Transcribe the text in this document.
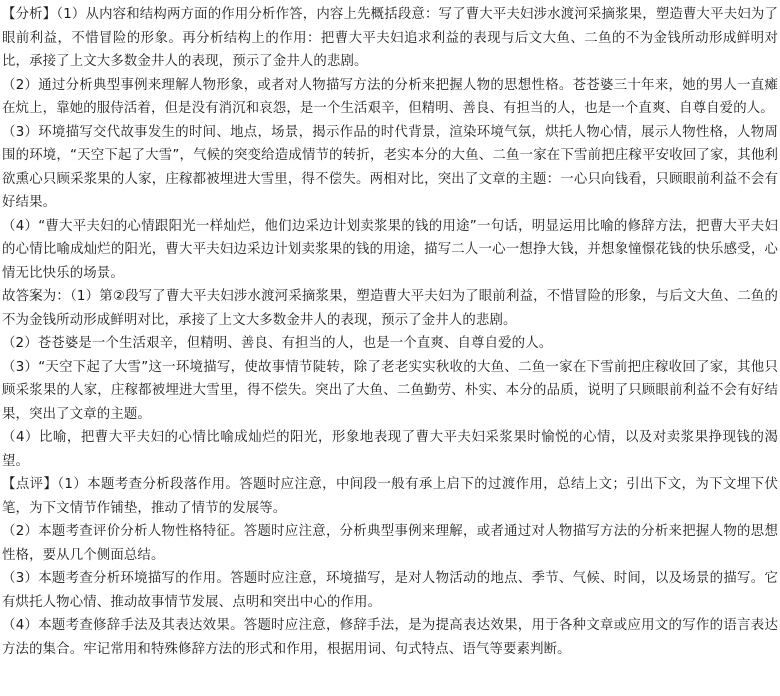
【分析】（1）从内容和结构两方面的作用分析作答，内容上先概括段意：写了曹大平夫妇涉水渡河采摘浆果，塑造曹大平夫妇为了眼前利益，不惜冒险的形象。再分析结构上的作用：把曹大平夫妇追求利益的表现与后文大鱼、二鱼的不为金钱所动形成鲜明对比，承接了上文大多数金井人的表现，预示了金井人的悲剧。

（2）通过分析典型事例来理解人物形象，或者对人物描写方法的分析来把握人物的思想性格。苍苍婆三十年来，她的男人一直瘫在炕上，靠她的服侍活着，但是没有消沉和哀怨，是一个生活艰辛，但精明、善良、有担当的人，也是一个直爽、自尊自爱的人。

（3）环境描写交代故事发生的时间、地点，场景，揭示作品的时代背景，渲染环境气氛，烘托人物心情，展示人物性格，人物周围的环境，“天空下起了大雪”，气候的突变给造成情节的转折，老实本分的大鱼、二鱼一家在下雪前把庄稼平安收回了家，其他利欲熏心只顾采浆果的人家，庄稼都被埋进大雪里，得不偿失。两相对比，突出了文章的主题：一心只向钱看，只顾眼前利益不会有好结果。

（4）“曹大平夫妇的心情跟阳光一样灿烂，他们边采边计划卖浆果的钱的用途”一句话，明显运用比喻的修辞方法，把曹大平夫妇的心情比喻成灿烂的阳光，曹大平夫妇边采边计划卖浆果的钱的用途，描写二人一心一想挣大钱，并想象憧憬花钱的快乐感受，心情无比快乐的场景。

故答案为：（1）第②段写了曹大平夫妇涉水渡河采摘浆果，塑造曹大平夫妇为了眼前利益，不惜冒险的形象，与后文大鱼、二鱼的不为金钱所动形成鲜明对比，承接了上文大多数金井人的表现，预示了金井人的悲剧。

（2）苍苍婆是一个生活艰辛，但精明、善良、有担当的人，也是一个直爽、自尊自爱的人。

（3）“天空下起了大雪”这一环境描写，使故事情节陡转，除了老老实实秋收的大鱼、二鱼一家在下雪前把庄稼收回了家，其他只顾采浆果的人家，庄稼都被埋进大雪里，得不偿失。突出了大鱼、二鱼勤劳、朴实、本分的品质，说明了只顾眼前利益不会有好结果，突出了文章的主题。

（4）比喻，把曹大平夫妇的心情比喻成灿烂的阳光，形象地表现了曹大平夫妇采浆果时愉悦的心情，以及对卖浆果挣现钱的渴望。

【点评】（1）本题考查分析段落作用。答题时应注意，中间段一般有承上启下的过渡作用，总结上文；引出下文，为下文埋下伏笔，为下文情节作铺垫，推动了情节的发展等。

（2）本题考查评价分析人物性格特征。答题时应注意，分析典型事例来理解，或者通过对人物描写方法的分析来把握人物的思想性格，要从几个侧面总结。

（3）本题考查分析环境描写的作用。答题时应注意，环境描写，是对人物活动的地点、季节、气候、时间，以及场景的描写。它有烘托人物心情、推动故事情节发展、点明和突出中心的作用。

（4）本题考查修辞手法及其表达效果。答题时应注意，修辞手法，是为提高表达效果，用于各种文章或应用文的写作的语言表达方法的集合。牢记常用和特殊修辞方法的形式和作用，根据用词、句式特点、语气等要素判断。
